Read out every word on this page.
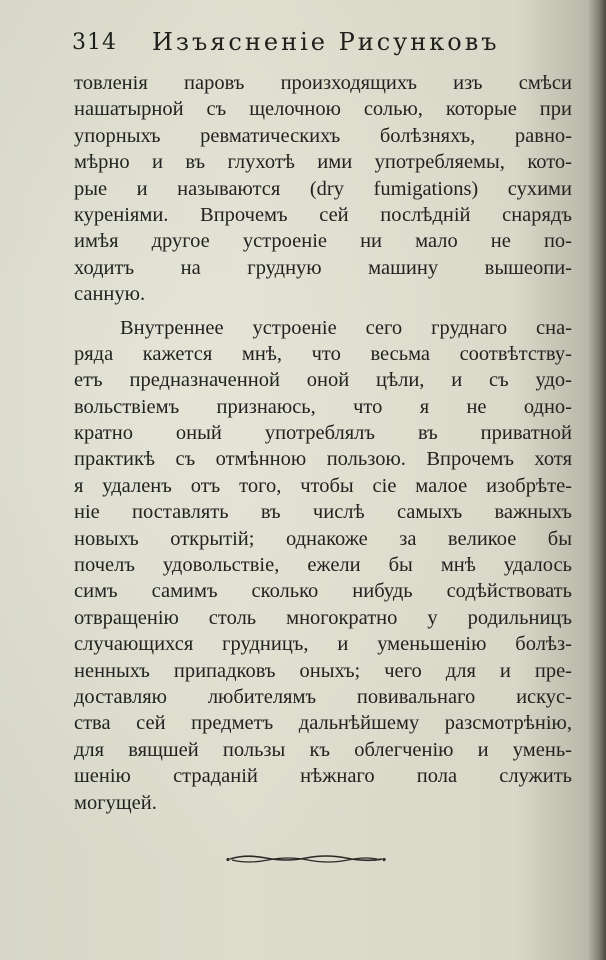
314 Изъясненіе Рисунковъ
товленія паровъ произходящихъ изъ смѣси
нашатырной съ щелочною солью, которые при
упорныхъ ревматическихъ болѣзняхъ, равно-
мѣрно и въ глухотѣ ими употребляемы, кото-
рые и называются (dry fumigations) сухими
куреніями. Впрочемъ сей послѣдній снарядъ
имѣя другое устроеніе ни мало не по-
ходитъ на грудную машину вышеопи-
санную.
Внутреннее устроеніе сего груднаго сна-
ряда кажется мнѣ, что весьма соотвѣтству-
етъ предназначенной оной цѣли, и съ удо-
вольствіемъ признаюсь, что я не одно-
кратно оный употреблялъ въ приватной
практикѣ съ отмѣнною пользою. Впрочемъ хотя
я удаленъ отъ того, чтобы сіе малое изобрѣте-
ніе поставлять въ числѣ самыхъ важныхъ
новыхъ открытій; однакоже за великое бы
почелъ удовольствіе, ежели бы мнѣ удалось
симъ самимъ сколько нибудь содѣйствовать
отвращенію столь многократно у родильницъ
случающихся грудницъ, и уменьшенію болѣз-
ненныхъ припадковъ оныхъ; чего для и пре-
доставляю любителямъ повивальнаго искус-
ства сей предметъ дальнѣйшему разсмотрѣнію,
для вящшей пользы къ облегченію и умень-
шенію страданій нѣжнаго пола служить
могущей.
